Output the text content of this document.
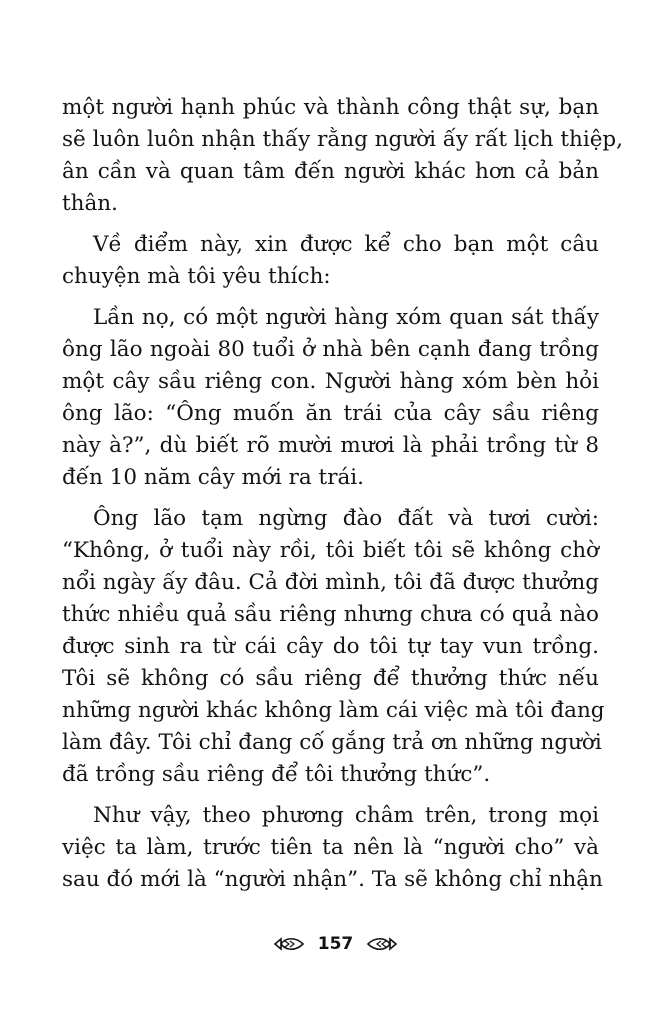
một người hạnh phúc và thành công thật sự, bạn
sẽ luôn luôn nhận thấy rằng người ấy rất lịch thiệp,
ân cần và quan tâm đến người khác hơn cả bản
thân.
Về điểm này, xin được kể cho bạn một câu
chuyện mà tôi yêu thích:
Lần nọ, có một người hàng xóm quan sát thấy
ông lão ngoài 80 tuổi ở nhà bên cạnh đang trồng
một cây sầu riêng con. Người hàng xóm bèn hỏi
ông lão: “Ông muốn ăn trái của cây sầu riêng
này à?”, dù biết rõ mười mươi là phải trồng từ 8
đến 10 năm cây mới ra trái.
Ông lão tạm ngừng đào đất và tươi cười:
“Không, ở tuổi này rồi, tôi biết tôi sẽ không chờ
nổi ngày ấy đâu. Cả đời mình, tôi đã được thưởng
thức nhiều quả sầu riêng nhưng chưa có quả nào
được sinh ra từ cái cây do tôi tự tay vun trồng.
Tôi sẽ không có sầu riêng để thưởng thức nếu
những người khác không làm cái việc mà tôi đang
làm đây. Tôi chỉ đang cố gắng trả ơn những người
đã trồng sầu riêng để tôi thưởng thức”.
Như vậy, theo phương châm trên, trong mọi
việc ta làm, trước tiên ta nên là “người cho” và
sau đó mới là “người nhận”. Ta sẽ không chỉ nhận
157
